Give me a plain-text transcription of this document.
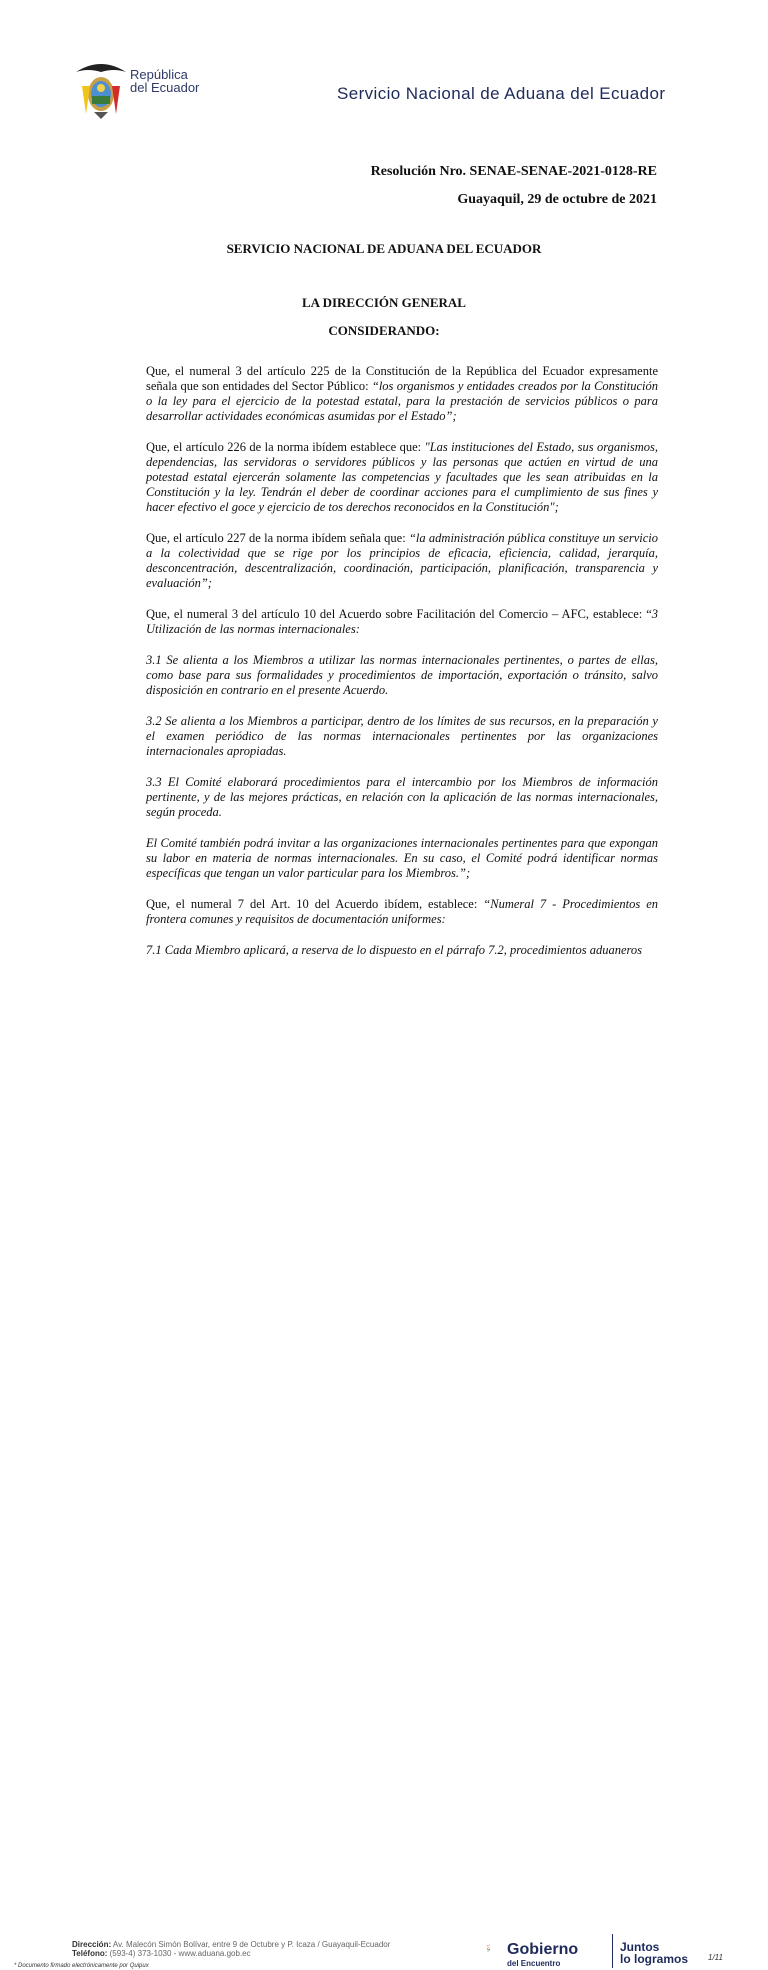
República
del Ecuador	Servicio Nacional de Aduana del Ecuador
Resolución Nro. SENAE-SENAE-2021-0128-RE
Guayaquil, 29 de octubre de 2021
SERVICIO NACIONAL DE ADUANA DEL ECUADOR
LA DIRECCIÓN GENERAL
CONSIDERANDO:

Que, el numeral 3 del artículo 225 de la Constitución de la República del Ecuador expresamente señala que son entidades del Sector Público: “los organismos y entidades creados por la Constitución o la ley para el ejercicio de la potestad estatal, para la prestación de servicios públicos o para desarrollar actividades económicas asumidas por el Estado”;

Que, el artículo 226 de la norma ibídem establece que: "Las instituciones del Estado, sus organismos, dependencias, las servidoras o servidores públicos y las personas que actúen en virtud de una potestad estatal ejercerán solamente las competencias y facultades que les sean atribuidas en la Constitución y la ley. Tendrán el deber de coordinar acciones para el cumplimiento de sus fines y hacer efectivo el goce y ejercicio de tos derechos reconocidos en la Constitución";

Que, el artículo 227 de la norma ibídem señala que: “la administración pública constituye un servicio a la colectividad que se rige por los principios de eficacia, eficiencia, calidad, jerarquía, desconcentración, descentralización, coordinación, participación, planificación, transparencia y evaluación”;

Que, el numeral 3 del artículo 10 del Acuerdo sobre Facilitación del Comercio – AFC, establece: “3 Utilización de las normas internacionales:

3.1 Se alienta a los Miembros a utilizar las normas internacionales pertinentes, o partes de ellas, como base para sus formalidades y procedimientos de importación, exportación o tránsito, salvo disposición en contrario en el presente Acuerdo.

3.2 Se alienta a los Miembros a participar, dentro de los límites de sus recursos, en la preparación y el examen periódico de las normas internacionales pertinentes por las organizaciones internacionales apropiadas.

3.3 El Comité elaborará procedimientos para el intercambio por los Miembros de información pertinente, y de las mejores prácticas, en relación con la aplicación de las normas internacionales, según proceda.

El Comité también podrá invitar a las organizaciones internacionales pertinentes para que expongan su labor en materia de normas internacionales. En su caso, el Comité podrá identificar normas específicas que tengan un valor particular para los Miembros.”;

Que, el numeral 7 del Art. 10 del Acuerdo ibídem, establece: “Numeral 7 - Procedimientos en frontera comunes y requisitos de documentación uniformes:

7.1 Cada Miembro aplicará, a reserva de lo dispuesto en el párrafo 7.2, procedimientos aduaneros

Dirección: Av. Malecón Simón Bolívar, entre 9 de Octubre y P. Icaza / Guayaquil-Ecuador
Teléfono: (593-4) 373-1030 - www.aduana.gob.ec
* Documento firmado electrónicamente por Quipux
Gobierno
del Encuentro
Juntos
lo logramos 1/11
